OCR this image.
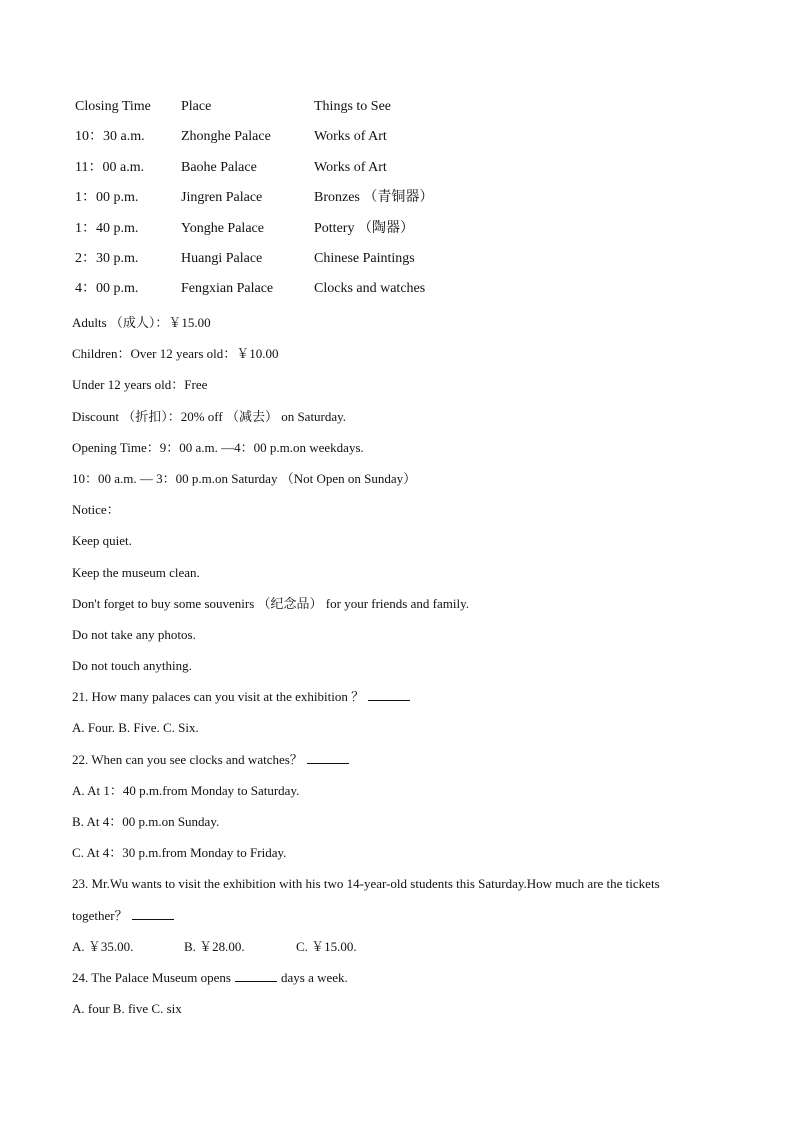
Closing Time Place	Things to See
10：30 a.m.	Zhonghe Palace	Works of Art
11：00 a.m.	Baohe Palace	Works of Art
1：00 p.m.	Jingren Palace	Bronzes （青铜器）
1：40 p.m.	Yonghe Palace	Pottery （陶器）
2：30 p.m.	Huangi Palace	Chinese Paintings
4：00 p.m.	Fengxian Palace	Clocks and watches
Adults （成人）：￥15.00
Children：Over 12 years old：￥10.00
Under 12 years old：Free
Discount （折扣）：20% off （减去） on Saturday.
Opening Time：9：00 a.m. —4：00 p.m.on weekdays.
10：00 a.m. — 3：00 p.m.on Saturday （Not Open on Sunday）
Notice：
Keep quiet.
Keep the museum clean.
Don't forget to buy some souvenirs （纪念品） for your friends and family.
Do not take any photos.
Do not touch anything.
21. How many palaces can you visit at the exhibition ？
A. Four. B. Five. C. Six.
22. When can you see clocks and watches？
A. At 1：40 p.m.from Monday to Saturday.
B. At 4：00 p.m.on Sunday.
C. At 4：30 p.m.from Monday to Friday.
23. Mr.Wu wants to visit the exhibition with his two 14-year-old students this Saturday.How much are the tickets
together？
A. ￥35.00.	B. ￥28.00.	C. ￥15.00.
24. The Palace Museum opens	days a week.
A. four B. five C. six
